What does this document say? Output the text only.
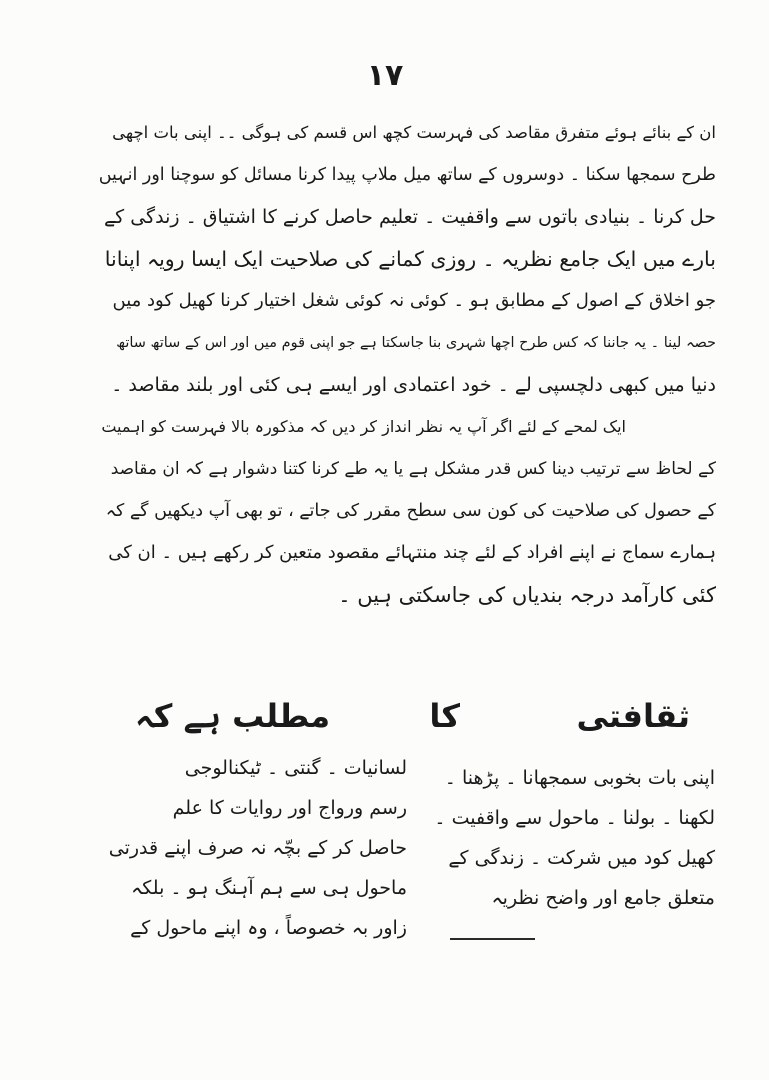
۱۷
ان کے بنائے ہوئے متفرق مقاصد کی فہرست کچھ اس قسم کی ہوگی ۔۔ اپنی بات اچھی
طرح سمجھا سکنا ۔ دوسروں کے ساتھ میل ملاپ پیدا کرنا مسائل کو سوچنا اور انہیں
حل کرنا ۔ بنیادی باتوں سے واقفیت ۔ تعلیم حاصل کرنے کا اشتیاق ۔ زندگی کے
بارے میں ایک جامع نظریہ ۔ روزی کمانے کی صلاحیت ایک ایسا رویہ اپنانا
جو اخلاق کے اصول کے مطابق ہو ۔ کوئی نہ کوئی شغل اختیار کرنا کھیل کود میں
حصہ لینا ۔ یہ جاننا کہ کس طرح اچھا شہری بنا جاسکتا ہے جو اپنی قوم میں اور اس کے ساتھ ساتھ
دنیا میں کبھی دلچسپی لے ۔ خود اعتمادی اور ایسے ہی کئی اور بلند مقاصد ۔
ایک لمحے کے لئے اگر آپ یہ نظر انداز کر دیں کہ مذکورہ بالا فہرست کو اہمیت
کے لحاظ سے ترتیب دینا کس قدر مشکل ہے یا یہ طے کرنا کتنا دشوار ہے کہ ان مقاصد
کے حصول کی صلاحیت کی کون سی سطح مقرر کی جاتے ، تو بھی آپ دیکھیں گے کہ
ہمارے سماج نے اپنے افراد کے لئے چند منتہائے مقصود متعین کر رکھے ہیں ۔ ان کی
کئی کارآمد درجہ بندیاں کی جاسکتی ہیں ۔
ثقافتی
کا
مطلب ہے کہ
اپنی بات بخوبی سمجھانا ۔ پڑھنا ۔
لکھنا ۔ بولنا ۔ ماحول سے واقفیت ۔
کھیل کود میں شرکت ۔ زندگی کے
متعلق جامع اور واضح نظریہ
لسانیات ۔ گنتی ۔ ٹیکنالوجی
رسم ورواج اور روایات کا علم
حاصل کر کے بچّہ نہ صرف اپنے قدرتی
ماحول ہی سے ہم آہنگ ہو ۔ بلکہ
زاور بہ خصوصاً ، وہ اپنے ماحول کے
